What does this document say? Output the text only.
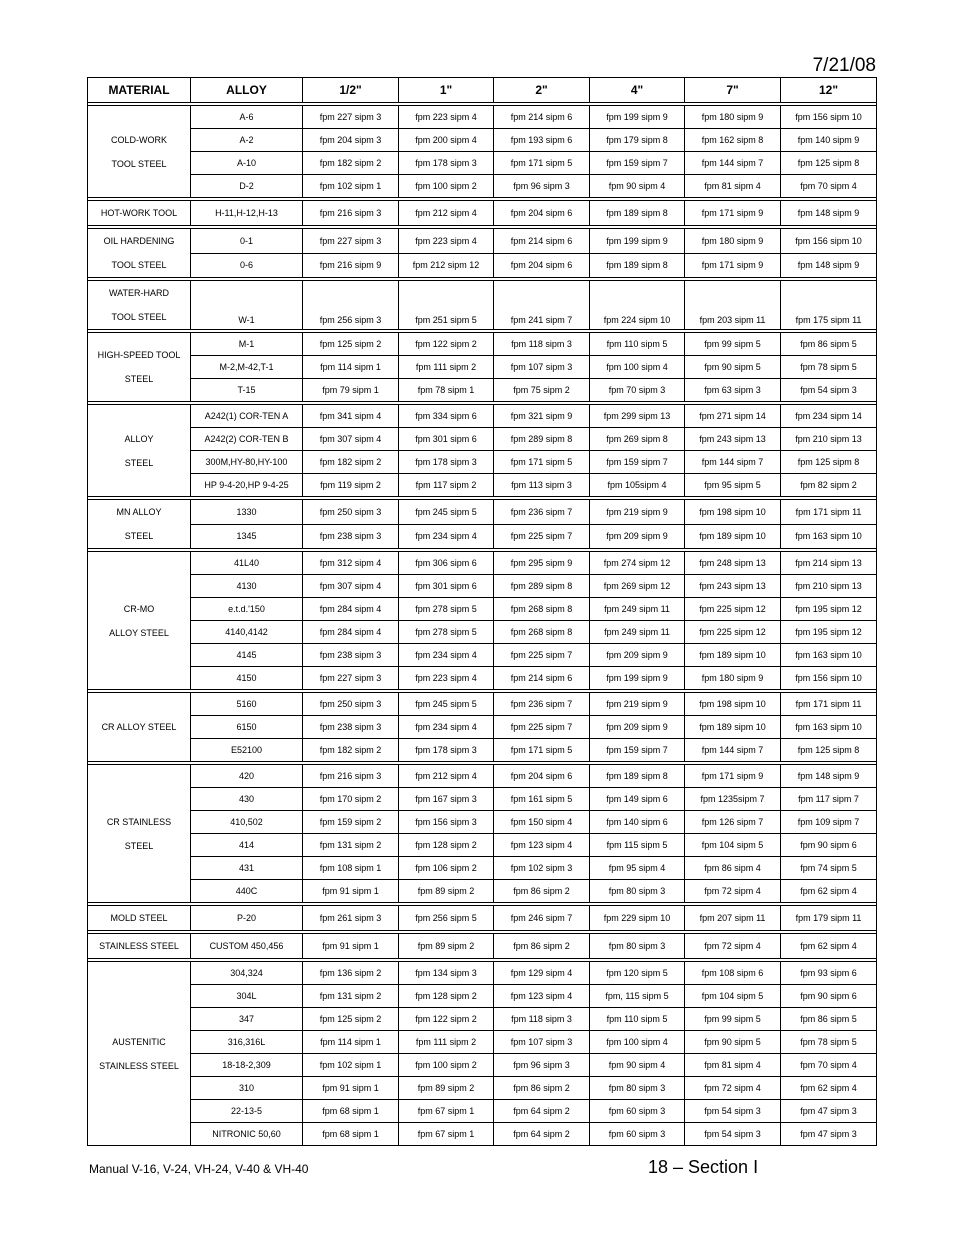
7/21/08
MATERIAL	ALLOY	1/2"	1"	2"	4"	7"	12"

COLD-WORK
TOOL STEEL	A-6	fpm 227 sipm 3	fpm 223 sipm 4	fpm 214 sipm 6	fpm 199 sipm 9	fpm 180 sipm 9	fpm 156 sipm 10
	A-2	fpm 204 sipm 3	fpm 200 sipm 4	fpm 193 sipm 6	fpm 179 sipm 8	fpm 162 sipm 8	fpm 140 sipm 9
	A-10	fpm 182 sipm 2	fpm 178 sipm 3	fpm 171 sipm 5	fpm 159 sipm 7	fpm 144 sipm 7	fpm 125 sipm 8
	D-2	fpm 102 sipm 1	fpm 100 sipm 2	fpm 96 sipm 3	fpm 90 sipm 4	fpm 81 sipm 4	fpm 70 sipm 4

HOT-WORK TOOL	H-11,H-12,H-13	fpm 216 sipm 3	fpm 212 sipm 4	fpm 204 sipm 6	fpm 189 sipm 8	fpm 171 sipm 9	fpm 148 sipm 9

OIL HARDENING
TOOL STEEL	0-1	fpm 227 sipm 3	fpm 223 sipm 4	fpm 214 sipm 6	fpm 199 sipm 9	fpm 180 sipm 9	fpm 156 sipm 10
	0-6	fpm 216 sipm 9	fpm 212 sipm 12	fpm 204 sipm 6	fpm 189 sipm 8	fpm 171 sipm 9	fpm 148 sipm 9

WATER-HARD
TOOL STEEL	W-1	fpm 256 sipm 3	fpm 251 sipm 5	fpm 241 sipm 7	fpm 224 sipm 10	fpm 203 sipm 11	fpm 175 sipm 11

HIGH-SPEED TOOL
STEEL	M-1	fpm 125 sipm 2	fpm 122 sipm 2	fpm 118 sipm 3	fpm 110 sipm 5	fpm 99 sipm 5	fpm 86 sipm 5
	M-2,M-42,T-1	fpm 114 sipm 1	fpm 111 sipm 2	fpm 107 sipm 3	fpm 100 sipm 4	fpm 90 sipm 5	fpm 78 sipm 5
	T-15	fpm 79 sipm 1	fpm 78 sipm 1	fpm 75 sipm 2	fpm 70 sipm 3	fpm 63 sipm 3	fpm 54 sipm 3

ALLOY
STEEL	A242(1) COR-TEN A	fpm 341 sipm 4	fpm 334 sipm 6	fpm 321 sipm 9	fpm 299 sipm 13	fpm 271 sipm 14	fpm 234 sipm 14
	A242(2) COR-TEN B	fpm 307 sipm 4	fpm 301 sipm 6	fpm 289 sipm 8	fpm 269 sipm 8	fpm 243 sipm 13	fpm 210 sipm 13
	300M,HY-80,HY-100	fpm 182 sipm 2	fpm 178 sipm 3	fpm 171 sipm 5	fpm 159 sipm 7	fpm 144 sipm 7	fpm 125 sipm 8
	HP 9-4-20,HP 9-4-25	fpm 119 sipm 2	fpm 117 sipm 2	fpm 113 sipm 3	fpm 105sipm 4	fpm 95 sipm 5	fpm 82 sipm 2

MN ALLOY
STEEL	1330	fpm 250 sipm 3	fpm 245 sipm 5	fpm 236 sipm 7	fpm 219 sipm 9	fpm 198 sipm 10	fpm 171 sipm 11
	1345	fpm 238 sipm 3	fpm 234 sipm 4	fpm 225 sipm 7	fpm 209 sipm 9	fpm 189 sipm 10	fpm 163 sipm 10

CR-MO
ALLOY STEEL	41L40	fpm 312 sipm 4	fpm 306 sipm 6	fpm 295 sipm 9	fpm 274 sipm 12	fpm 248 sipm 13	fpm 214 sipm 13
	4130	fpm 307 sipm 4	fpm 301 sipm 6	fpm 289 sipm 8	fpm 269 sipm 12	fpm 243 sipm 13	fpm 210 sipm 13
	e.t.d.'150	fpm 284 sipm 4	fpm 278 sipm 5	fpm 268 sipm 8	fpm 249 sipm 11	fpm 225 sipm 12	fpm 195 sipm 12
	4140,4142	fpm 284 sipm 4	fpm 278 sipm 5	fpm 268 sipm 8	fpm 249 sipm 11	fpm 225 sipm 12	fpm 195 sipm 12
	4145	fpm 238 sipm 3	fpm 234 sipm 4	fpm 225 sipm 7	fpm 209 sipm 9	fpm 189 sipm 10	fpm 163 sipm 10
	4150	fpm 227 sipm 3	fpm 223 sipm 4	fpm 214 sipm 6	fpm 199 sipm 9	fpm 180 sipm 9	fpm 156 sipm 10

CR ALLOY STEEL	5160	fpm 250 sipm 3	fpm 245 sipm 5	fpm 236 sipm 7	fpm 219 sipm 9	fpm 198 sipm 10	fpm 171 sipm 11
	6150	fpm 238 sipm 3	fpm 234 sipm 4	fpm 225 sipm 7	fpm 209 sipm 9	fpm 189 sipm 10	fpm 163 sipm 10
	E52100	fpm 182 sipm 2	fpm 178 sipm 3	fpm 171 sipm 5	fpm 159 sipm 7	fpm 144 sipm 7	fpm 125 sipm 8

CR STAINLESS
STEEL	420	fpm 216 sipm 3	fpm 212 sipm 4	fpm 204 sipm 6	fpm 189 sipm 8	fpm 171 sipm 9	fpm 148 sipm 9
	430	fpm 170 sipm 2	fpm 167 sipm 3	fpm 161 sipm 5	fpm 149 sipm 6	fpm 1235sipm 7	fpm 117 sipm 7
	410,502	fpm 159 sipm 2	fpm 156 sipm 3	fpm 150 sipm 4	fpm 140 sipm 6	fpm 126 sipm 7	fpm 109 sipm 7
	414	fpm 131 sipm 2	fpm 128 sipm 2	fpm 123 sipm 4	fpm 115 sipm 5	fpm 104 sipm 5	fpm 90 sipm 6
	431	fpm 108 sipm 1	fpm 106 sipm 2	fpm 102 sipm 3	fpm 95 sipm 4	fpm 86 sipm 4	fpm 74 sipm 5
	440C	fpm 91 sipm 1	fpm 89 sipm 2	fpm 86 sipm 2	fpm 80 sipm 3	fpm 72 sipm 4	fpm 62 sipm 4

MOLD STEEL	P-20	fpm 261 sipm 3	fpm 256 sipm 5	fpm 246 sipm 7	fpm 229 sipm 10	fpm 207 sipm 11	fpm 179 sipm 11

STAINLESS STEEL	CUSTOM 450,456	fpm 91 sipm 1	fpm 89 sipm 2	fpm 86 sipm 2	fpm 80 sipm 3	fpm 72 sipm 4	fpm 62 sipm 4

AUSTENITIC
STAINLESS STEEL	304,324	fpm 136 sipm 2	fpm 134 sipm 3	fpm 129 sipm 4	fpm 120 sipm 5	fpm 108 sipm 6	fpm 93 sipm 6
	304L	fpm 131 sipm 2	fpm 128 sipm 2	fpm 123 sipm 4	fpm, 115 sipm 5	fpm 104 sipm 5	fpm 90 sipm 6
	347	fpm 125 sipm 2	fpm 122 sipm 2	fpm 118 sipm 3	fpm 110 sipm 5	fpm 99 sipm 5	fpm 86 sipm 5
	316,316L	fpm 114 sipm 1	fpm 111 sipm 2	fpm 107 sipm 3	fpm 100 sipm 4	fpm 90 sipm 5	fpm 78 sipm 5
	18-18-2,309	fpm 102 sipm 1	fpm 100 sipm 2	fpm 96 sipm 3	fpm 90 sipm 4	fpm 81 sipm 4	fpm 70 sipm 4
	310	fpm 91 sipm 1	fpm 89 sipm 2	fpm 86 sipm 2	fpm 80 sipm 3	fpm 72 sipm 4	fpm 62 sipm 4
	22-13-5	fpm 68 sipm 1	fpm 67 sipm 1	fpm 64 sipm 2	fpm 60 sipm 3	fpm 54 sipm 3	fpm 47 sipm 3
	NITRONIC 50,60	fpm 68 sipm 1	fpm 67 sipm 1	fpm 64 sipm 2	fpm 60 sipm 3	fpm 54 sipm 3	fpm 47 sipm 3
Manual V-16, V-24, VH-24, V-40 & VH-40	18 – Section I
